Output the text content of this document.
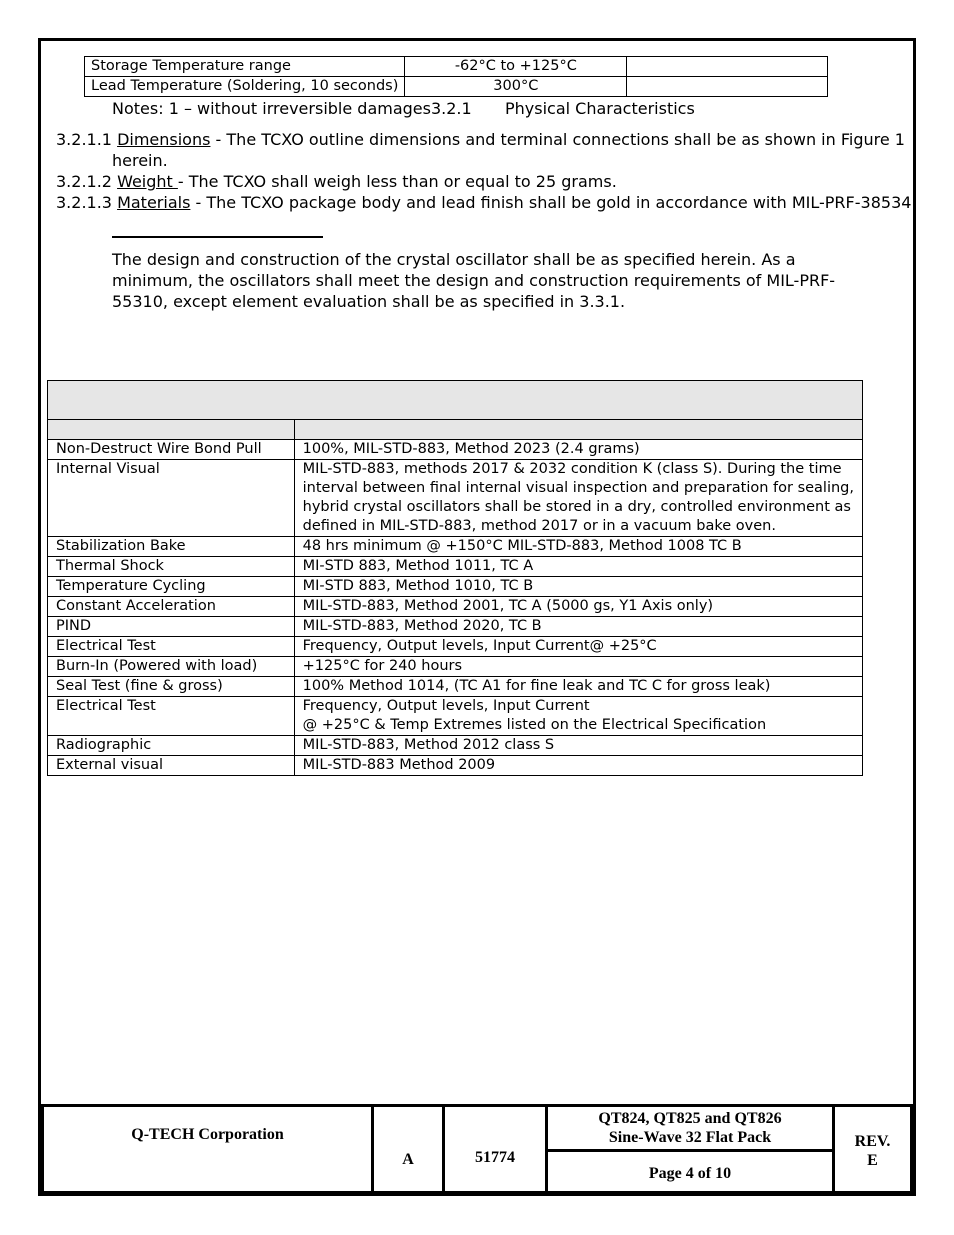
Storage Temperature range	-62°C to +125°C	
Lead Temperature (Soldering, 10 seconds)	300°C	
Notes: 1 – without irreversible damages3.2.1 Physical Characteristics
3.2.1.1 Dimensions - The TCXO outline dimensions and terminal connections shall be as shown in Figure 1
herein.
3.2.1.2 Weight - The TCXO shall weigh less than or equal to 25 grams.
3.2.1.3 Materials - The TCXO package body and lead finish shall be gold in accordance with MIL-PRF-38534.
The design and construction of the crystal oscillator shall be as specified herein. As a minimum, the oscillators shall meet the design and construction requirements of MIL-PRF-55310, except element evaluation shall be as specified in 3.3.1.

Non-Destruct Wire Bond Pull	100%, MIL-STD-883, Method 2023 (2.4 grams)

Internal Visual	MIL-STD-883, methods 2017 & 2032 condition K (class S). During the time
interval between final internal visual inspection and preparation for sealing,
hybrid crystal oscillators shall be stored in a dry, controlled environment as
defined in MIL-STD-883, method 2017 or in a vacuum bake oven.

Stabilization Bake	48 hrs minimum @ +150°C MIL-STD-883, Method 1008 TC B

Thermal Shock	MI-STD 883, Method 1011, TC A

Temperature Cycling	MI-STD 883, Method 1010, TC B

Constant Acceleration	MIL-STD-883, Method 2001, TC A (5000 gs, Y1 Axis only)

PIND	MIL-STD-883, Method 2020, TC B

Electrical Test	Frequency, Output levels, Input Current@ +25°C

Burn-In (Powered with load)	+125°C for 240 hours

Seal Test (fine & gross)	100% Method 1014, (TC A1 for fine leak and TC C for gross leak)

Electrical Test	Frequency, Output levels, Input Current
@ +25°C & Temp Extremes listed on the Electrical Specification

Radiographic	MIL-STD-883, Method 2012 class S

External visual	MIL-STD-883 Method 2009
Q-TECH Corporation
A	51774
QT824, QT825 and QT826
Sine-Wave 32 Flat Pack
Page 4 of 10
REV.
E
